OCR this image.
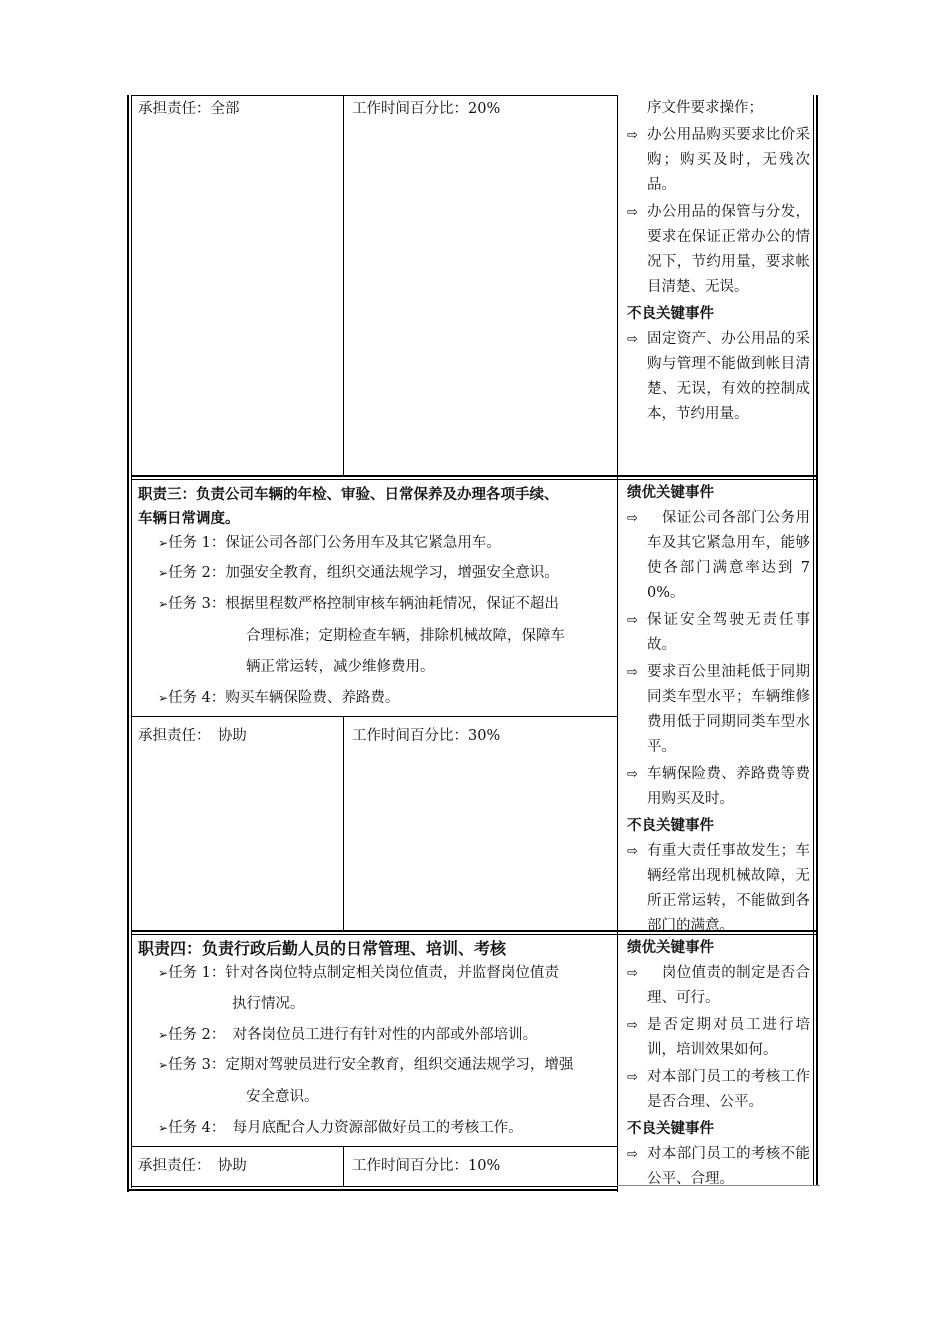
承担责任：全部	工作时间百分比：20%	序文件要求操作；
⇨ 办公用品购买要求比价采购；购买及时，无残次品。
⇨ 办公用品的保管与分发，要求在保证正常办公的情况下，节约用量，要求帐目清楚、无误。
不良关键事件
⇨ 固定资产、办公用品的采购与管理不能做到帐目清楚、无误，有效的控制成本，节约用量。
职责三：负责公司车辆的年检、审验、日常保养及办理各项手续、
车辆日常调度。
➢任务 1：保证公司各部门公务用车及其它紧急用车。
➢任务 2：加强安全教育，组织交通法规学习，增强安全意识。
➢任务 3：根据里程数严格控制审核车辆油耗情况，保证不超出
合理标准；定期检查车辆，排除机械故障，保障车
辆正常运转，减少维修费用。
➢任务 4：购买车辆保险费、养路费。
承担责任：　协助	工作时间百分比：30%
绩优关键事件
⇨ 　保证公司各部门公务用车及其它紧急用车，能够使各部门满意率达到 70%。
⇨ 保证安全驾驶无责任事故。
⇨ 要求百公里油耗低于同期同类车型水平；车辆维修费用低于同期同类车型水平。
⇨ 车辆保险费、养路费等费用购买及时。
不良关键事件
⇨ 有重大责任事故发生；车辆经常出现机械故障，无所正常运转，不能做到各部门的满意。
职责四：负责行政后勤人员的日常管理、培训、考核
➢任务 1：针对各岗位特点制定相关岗位值责，并监督岗位值责
执行情况。
➢任务 2：　对各岗位员工进行有针对性的内部或外部培训。
➢任务 3：定期对驾驶员进行安全教育，组织交通法规学习，增强
安全意识。
➢任务 4：　每月底配合人力资源部做好员工的考核工作。
承担责任：　协助	工作时间百分比：10%
绩优关键事件
⇨ 　岗位值责的制定是否合理、可行。
⇨ 是否定期对员工进行培训，培训效果如何。
⇨ 对本部门员工的考核工作是否合理、公平。
不良关键事件
⇨ 对本部门员工的考核不能公平、合理。
